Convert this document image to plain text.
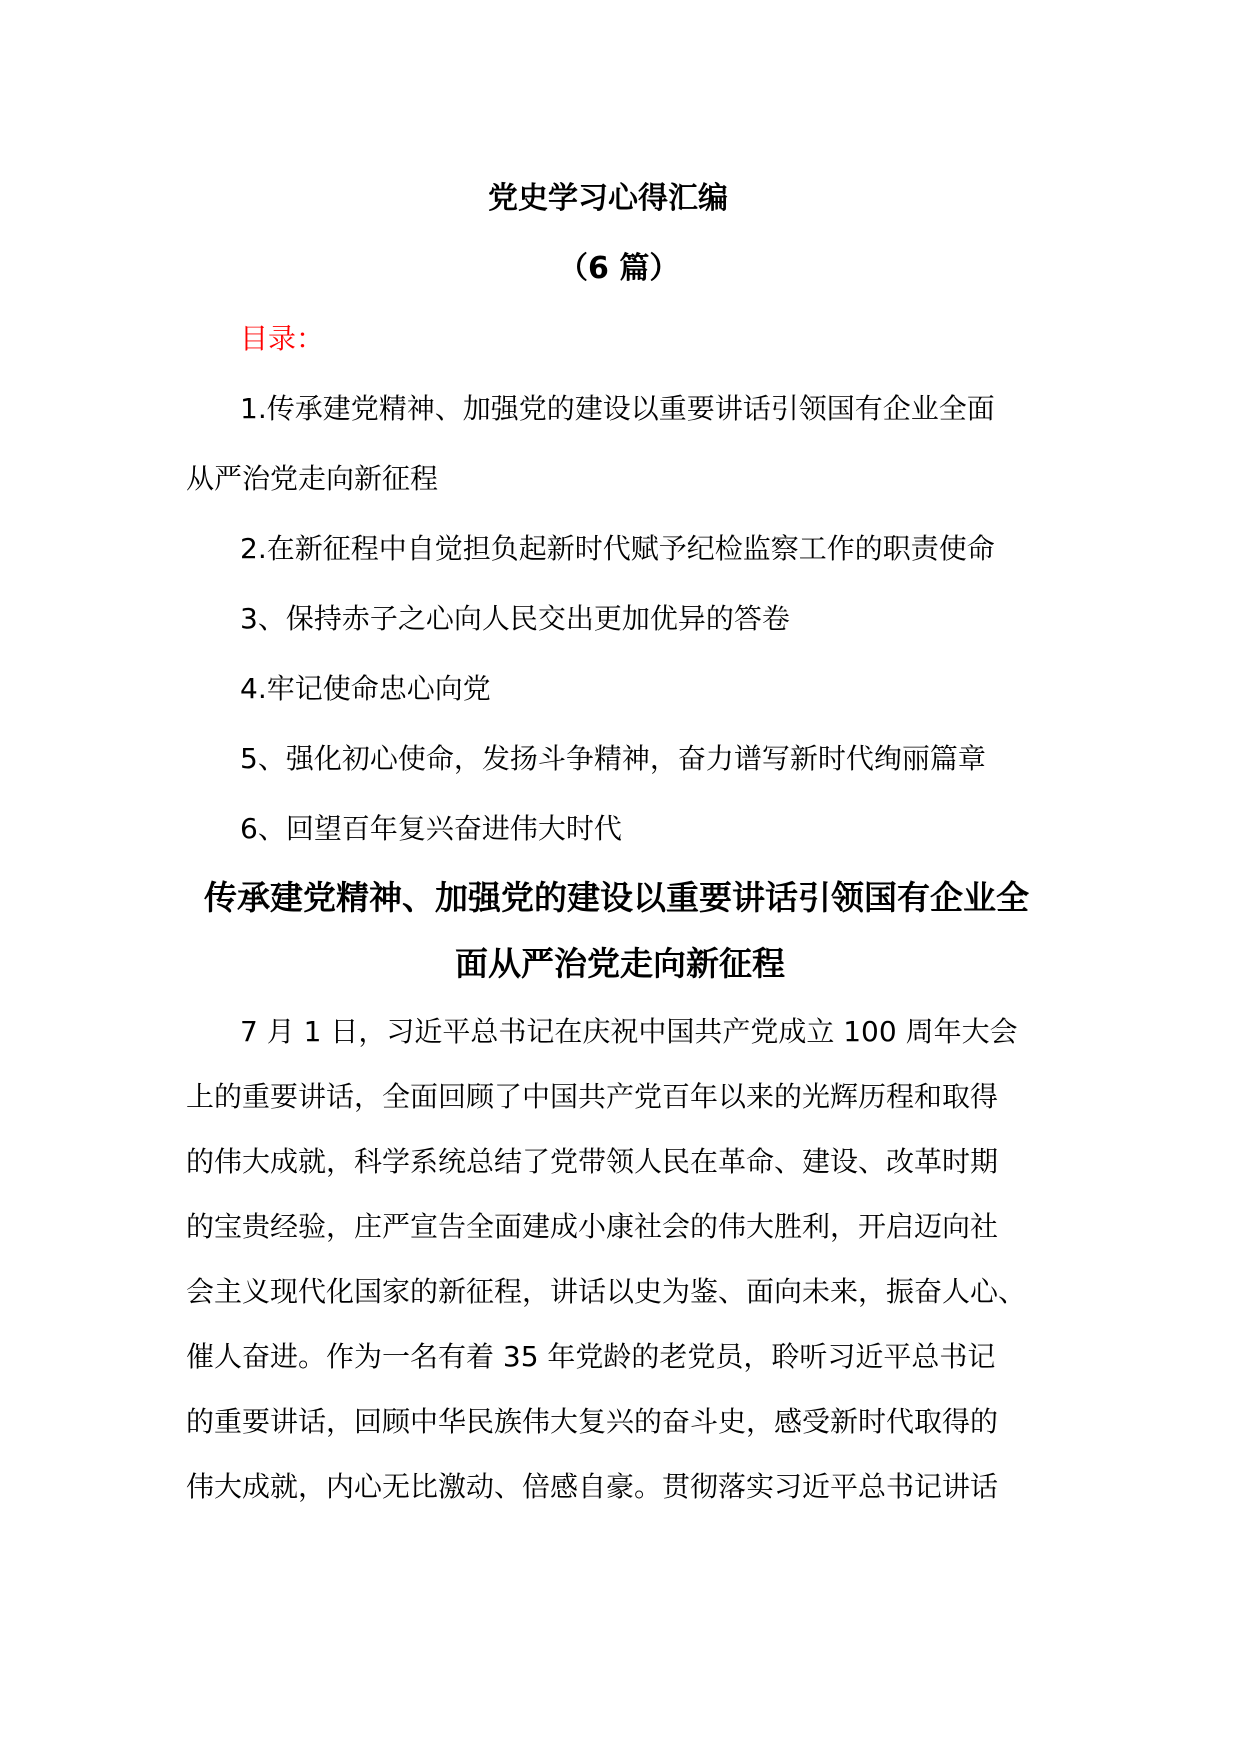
党史学习心得汇编
（6 篇）
目录：
1.传承建党精神、加强党的建设以重要讲话引领国有企业全面
从严治党走向新征程
2.在新征程中自觉担负起新时代赋予纪检监察工作的职责使命
3、保持赤子之心向人民交出更加优异的答卷
4.牢记使命忠心向党
5、强化初心使命，发扬斗争精神，奋力谱写新时代绚丽篇章
6、回望百年复兴奋进伟大时代
传承建党精神、加强党的建设以重要讲话引领国有企业全
面从严治党走向新征程
7 月 1 日，习近平总书记在庆祝中国共产党成立 100 周年大会
上的重要讲话，全面回顾了中国共产党百年以来的光辉历程和取得
的伟大成就，科学系统总结了党带领人民在革命、建设、改革时期
的宝贵经验，庄严宣告全面建成小康社会的伟大胜利，开启迈向社
会主义现代化国家的新征程，讲话以史为鉴、面向未来，振奋人心、
催人奋进。作为一名有着 35 年党龄的老党员，聆听习近平总书记
的重要讲话，回顾中华民族伟大复兴的奋斗史，感受新时代取得的
伟大成就，内心无比激动、倍感自豪。贯彻落实习近平总书记讲话
